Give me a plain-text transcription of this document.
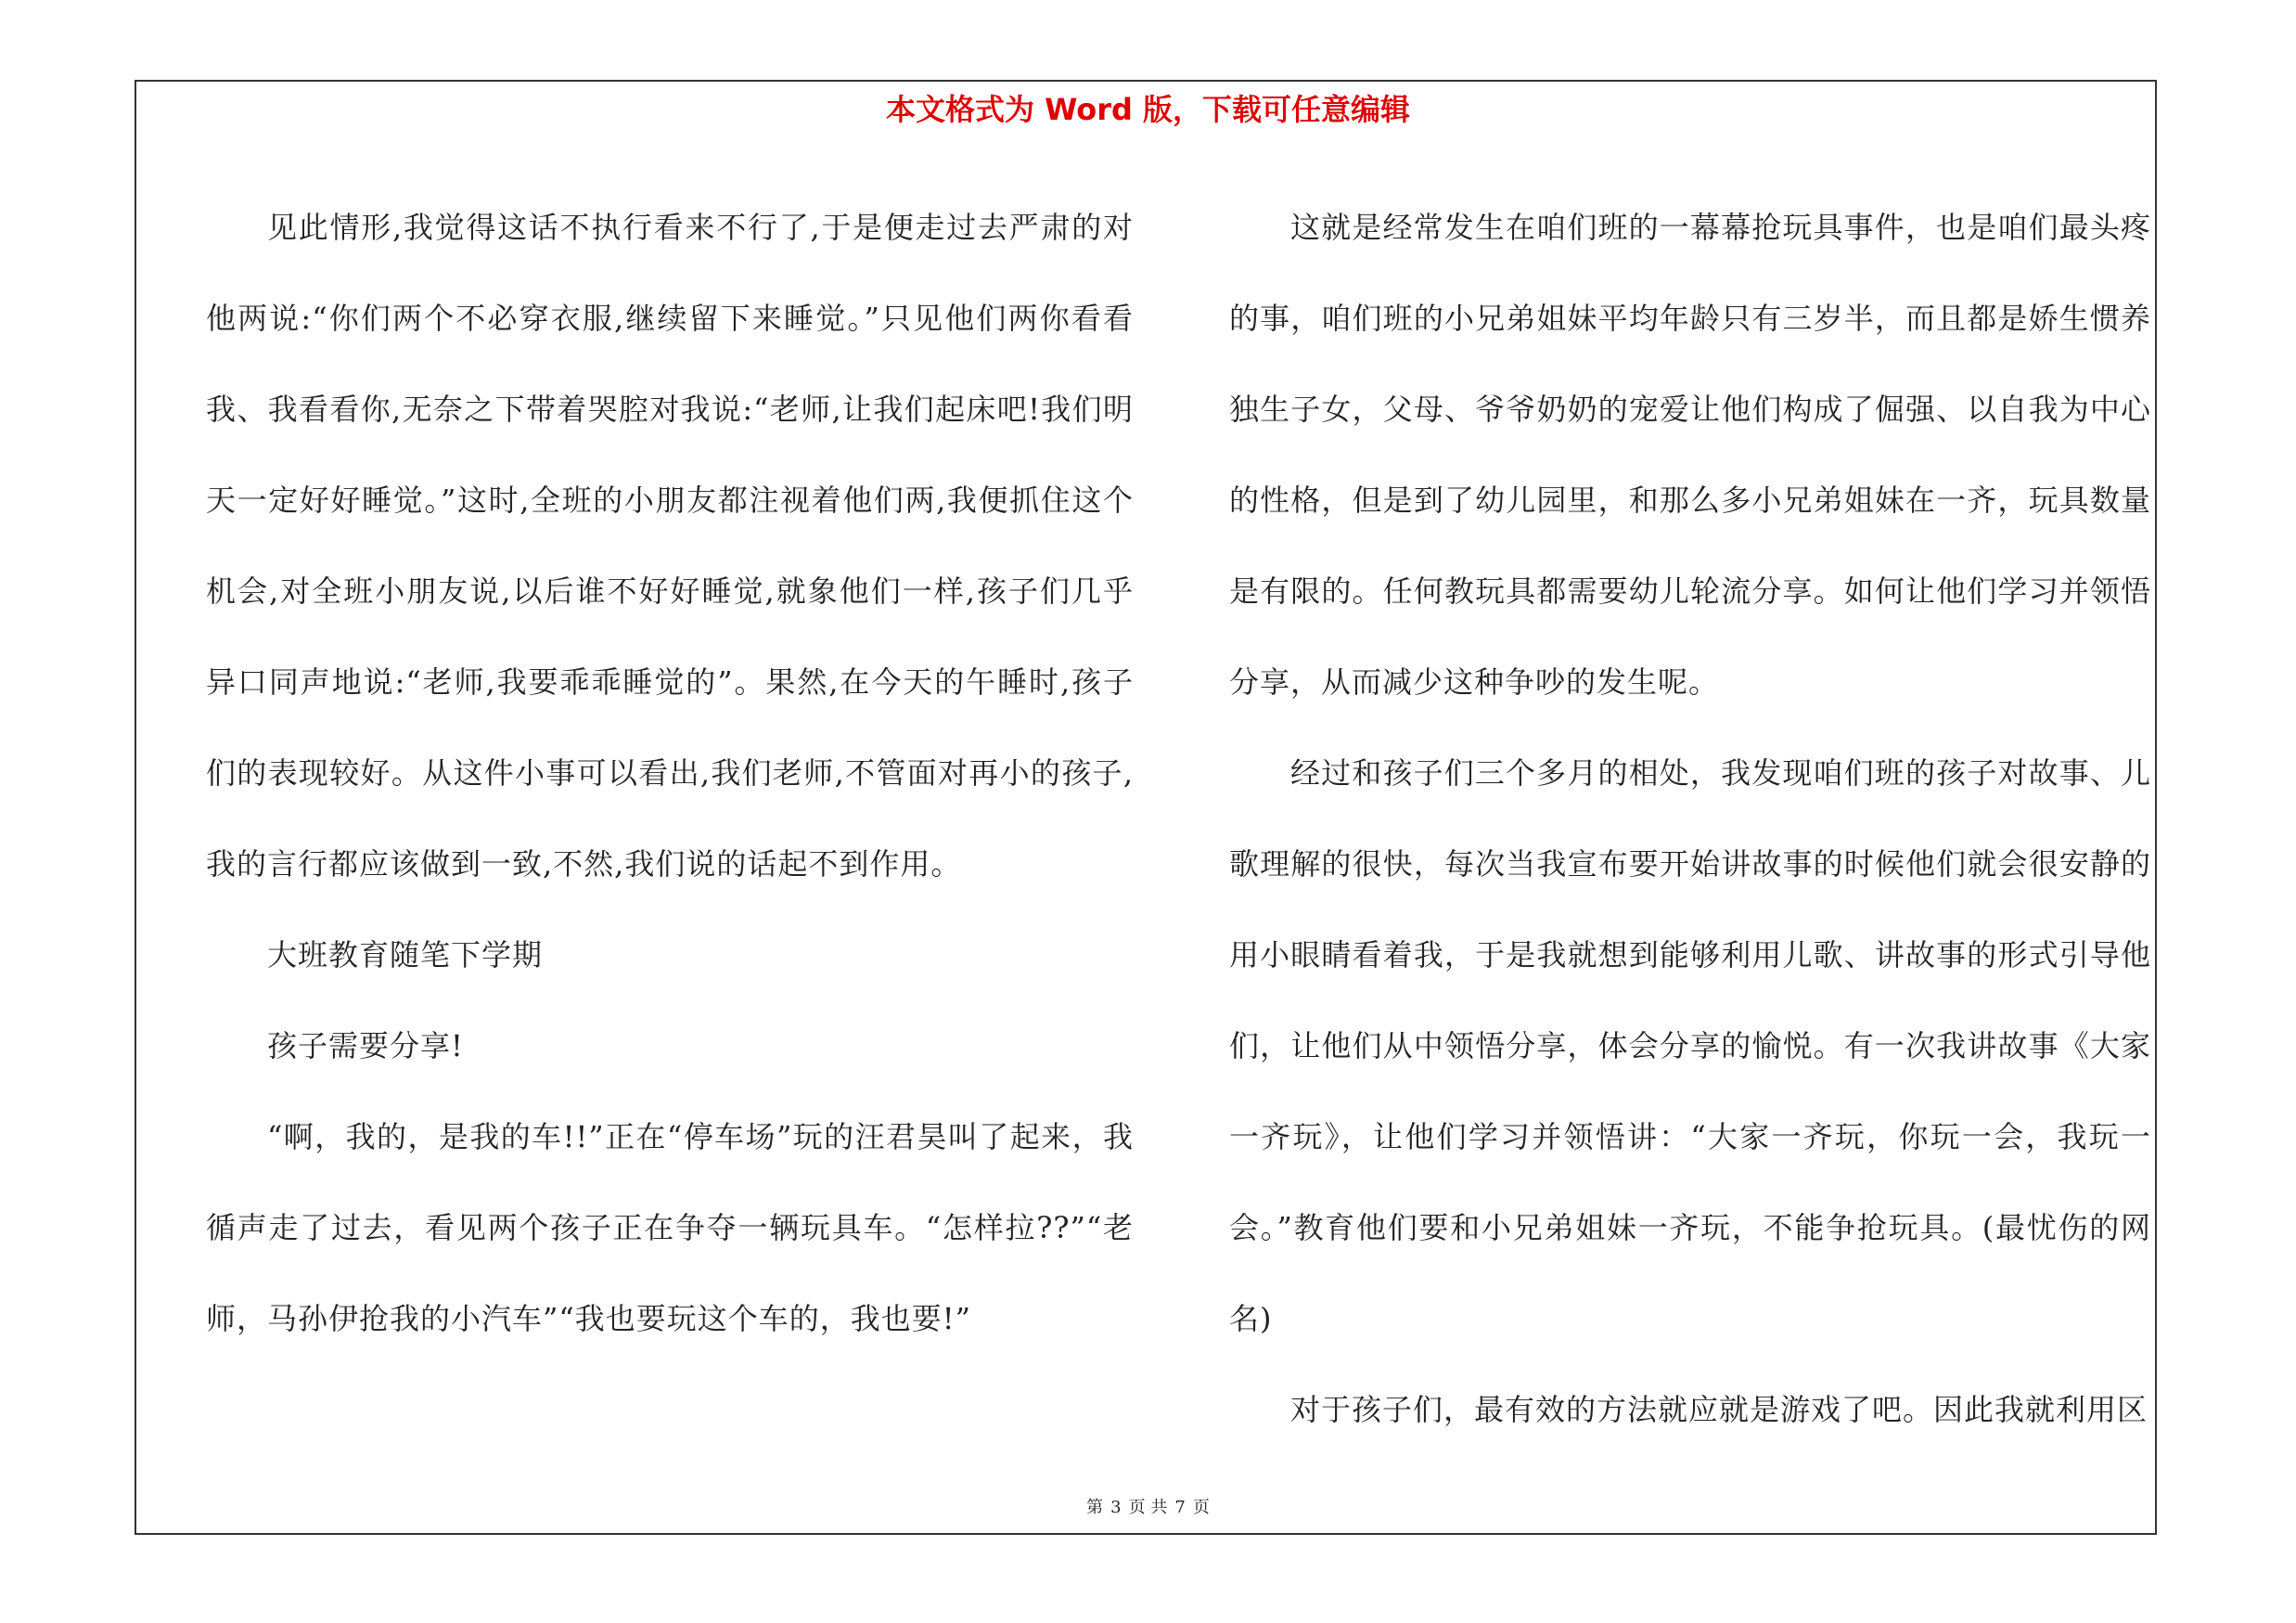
本文格式为 Word 版，下载可任意编辑

见此情形,我觉得这话不执行看来不行了,于是便走过去严肃的对他两说:“你们两个不必穿衣服,继续留下来睡觉。”只见他们两你看看我、我看看你,无奈之下带着哭腔对我说:“老师,让我们起床吧!我们明天一定好好睡觉。”这时,全班的小朋友都注视着他们两,我便抓住这个机会,对全班小朋友说,以后谁不好好睡觉,就象他们一样,孩子们几乎异口同声地说:“老师,我要乖乖睡觉的”。果然,在今天的午睡时,孩子们的表现较好。从这件小事可以看出,我们老师,不管面对再小的孩子,我的言行都应该做到一致,不然,我们说的话起不到作用。

大班教育随笔下学期

孩子需要分享!

“啊，我的，是我的车!!”正在“停车场”玩的汪君昊叫了起来，我循声走了过去，看见两个孩子正在争夺一辆玩具车。“怎样拉??”“老师，马孙伊抢我的小汽车”“我也要玩这个车的，我也要!”

这就是经常发生在咱们班的一幕幕抢玩具事件，也是咱们最头疼的事，咱们班的小兄弟姐妹平均年龄只有三岁半，而且都是娇生惯养独生子女，父母、爷爷奶奶的宠爱让他们构成了倔强、以自我为中心的性格，但是到了幼儿园里，和那么多小兄弟姐妹在一齐，玩具数量是有限的。任何教玩具都需要幼儿轮流分享。如何让他们学习并领悟分享，从而减少这种争吵的发生呢。

经过和孩子们三个多月的相处，我发现咱们班的孩子对故事、儿歌理解的很快，每次当我宣布要开始讲故事的时候他们就会很安静的用小眼睛看着我，于是我就想到能够利用儿歌、讲故事的形式引导他们，让他们从中领悟分享，体会分享的愉悦。有一次我讲故事《大家一齐玩》，让他们学习并领悟讲：“大家一齐玩，你玩一会，我玩一会。”教育他们要和小兄弟姐妹一齐玩，不能争抢玩具。(最忧伤的网名)

对于孩子们，最有效的方法就应就是游戏了吧。因此我就利用区

第 3 页 共 7 页
